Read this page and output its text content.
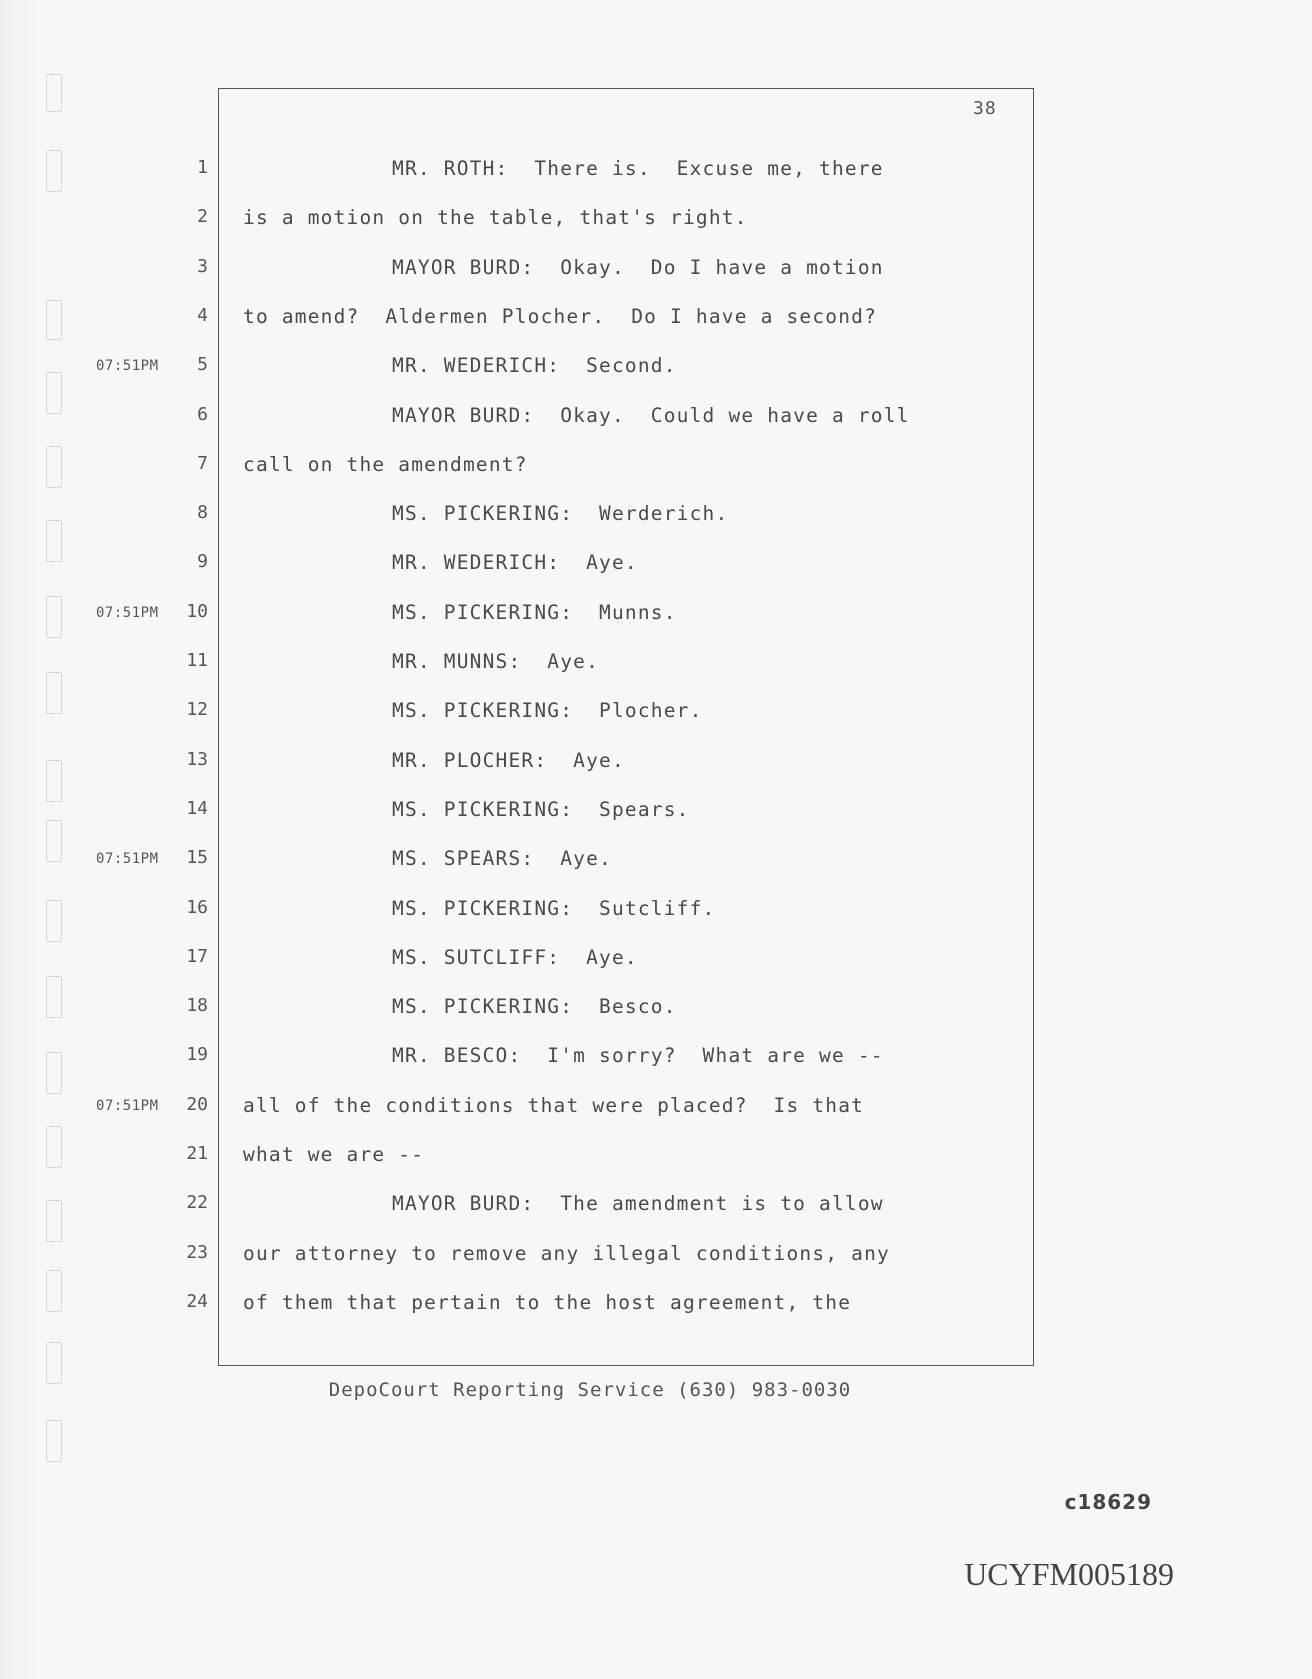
38
1	MR. ROTH:  There is.  Excuse me, there
2 is a motion on the table, that's right.
3	MAYOR BURD:  Okay.  Do I have a motion
4 to amend?  Aldermen Plocher.  Do I have a second?
07:51PM	5	MR. WEDERICH:  Second.
6	MAYOR BURD:  Okay.  Could we have a roll
7 call on the amendment?
8	MS. PICKERING:  Werderich.
9	MR. WEDERICH:  Aye.
07:51PM	10	MS. PICKERING:  Munns.
11	MR. MUNNS:  Aye.
12	MS. PICKERING:  Plocher.
13	MR. PLOCHER:  Aye.
14	MS. PICKERING:  Spears.
07:51PM	15	MS. SPEARS:  Aye.
16	MS. PICKERING:  Sutcliff.
17	MS. SUTCLIFF:  Aye.
18	MS. PICKERING:  Besco.
19	MR. BESCO:  I'm sorry?  What are we --
07:51PM	20 all of the conditions that were placed?  Is that
21 what we are --
22	MAYOR BURD:  The amendment is to allow
23 our attorney to remove any illegal conditions, any
24 of them that pertain to the host agreement, the
DepoCourt Reporting Service (630) 983-0030
c18629
UCYFM005189
